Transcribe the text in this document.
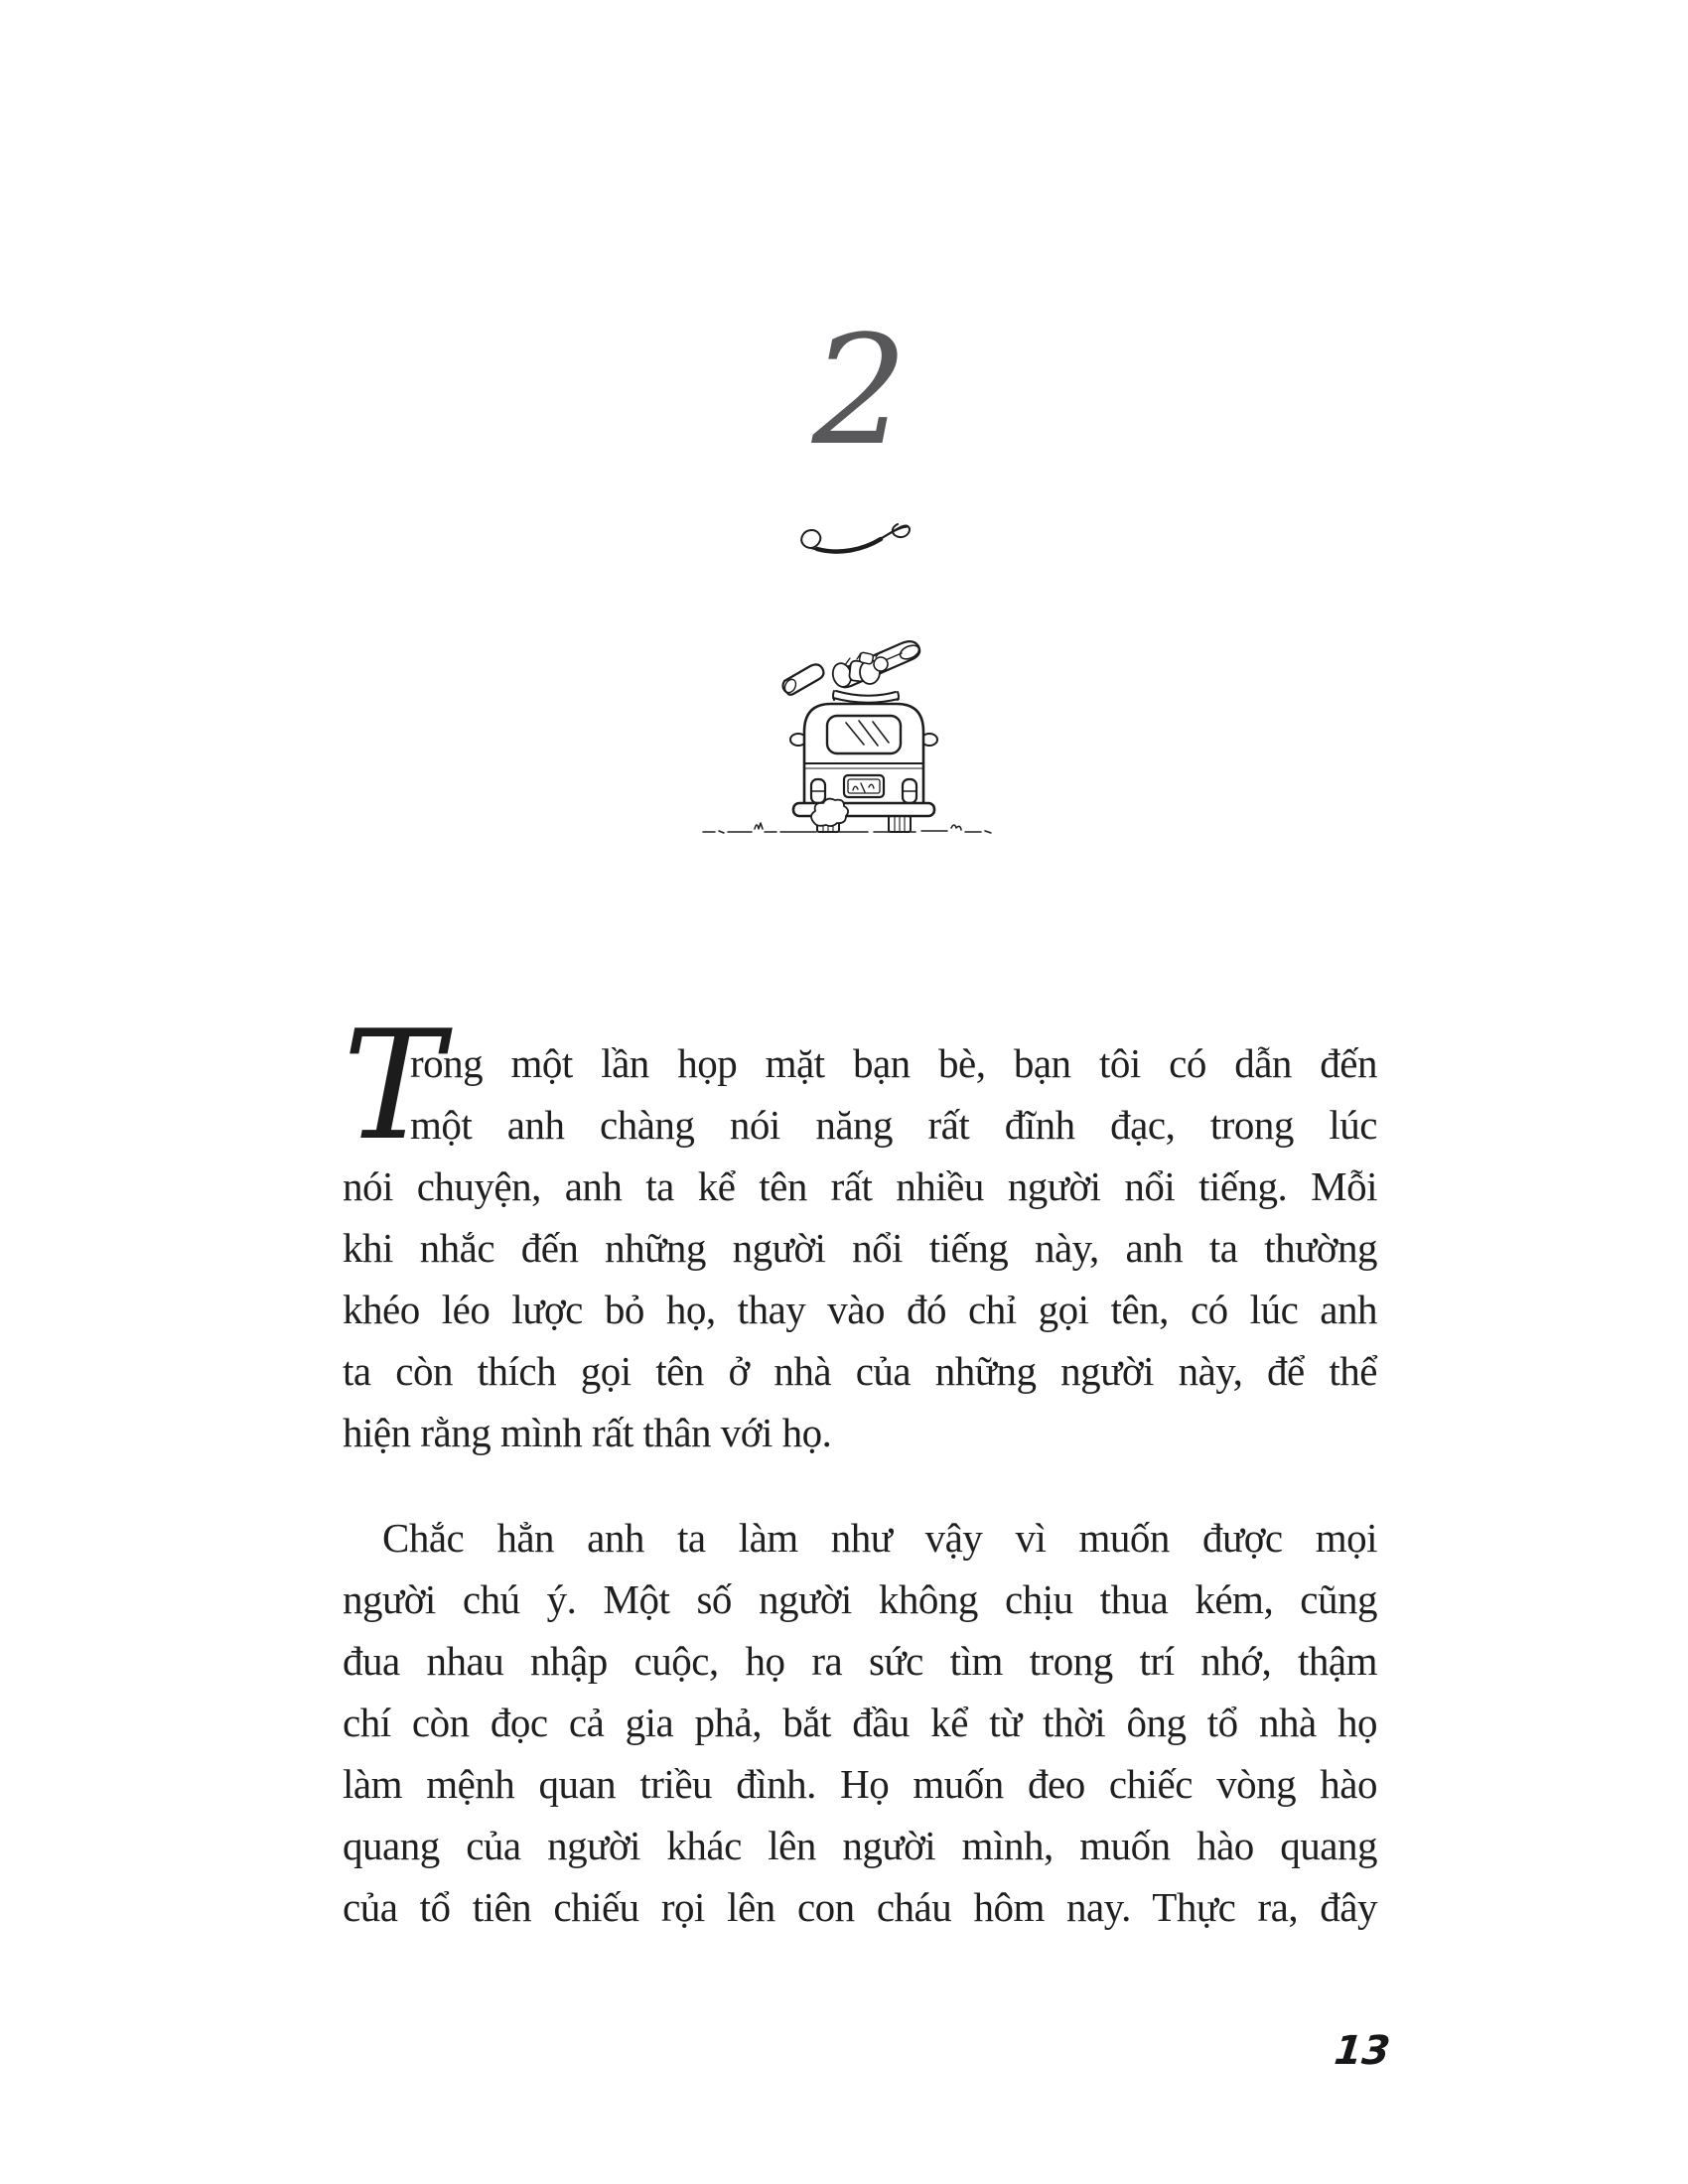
2
T
rong một lần họp mặt bạn bè, bạn tôi có dẫn đến
một anh chàng nói năng rất đĩnh đạc, trong lúc
nói chuyện, anh ta kể tên rất nhiều người nổi tiếng. Mỗi
khi nhắc đến những người nổi tiếng này, anh ta thường
khéo léo lược bỏ họ, thay vào đó chỉ gọi tên, có lúc anh
ta còn thích gọi tên ở nhà của những người này, để thể
hiện rằng mình rất thân với họ.
Chắc hẳn anh ta làm như vậy vì muốn được mọi
người chú ý. Một số người không chịu thua kém, cũng
đua nhau nhập cuộc, họ ra sức tìm trong trí nhớ, thậm
chí còn đọc cả gia phả, bắt đầu kể từ thời ông tổ nhà họ
làm mệnh quan triều đình. Họ muốn đeo chiếc vòng hào
quang của người khác lên người mình, muốn hào quang
của tổ tiên chiếu rọi lên con cháu hôm nay. Thực ra, đây
13
